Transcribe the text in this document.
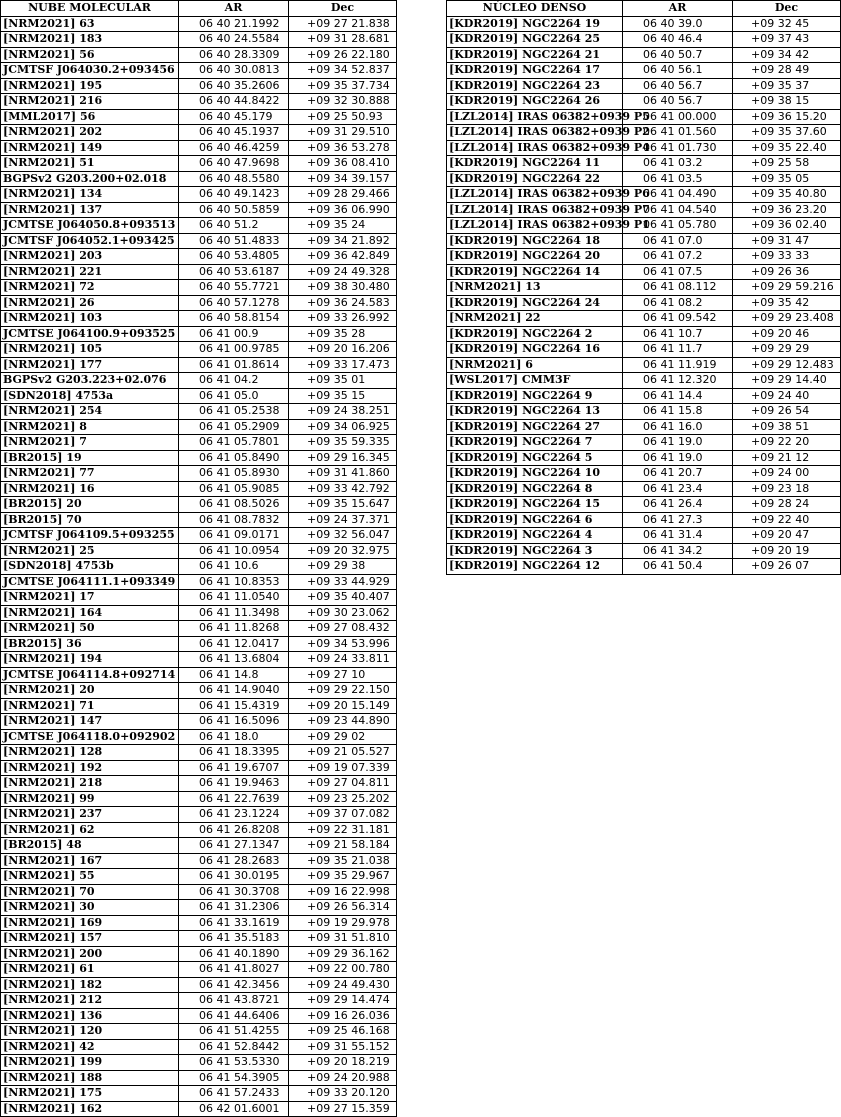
NUBE MOLECULAR	AR	Dec
[NRM2021] 63	06 40 21.1992	+09 27 21.838
[NRM2021] 183	06 40 24.5584	+09 31 28.681
[NRM2021] 56	06 40 28.3309	+09 26 22.180
JCMTSF J064030.2+093456	06 40 30.0813	+09 34 52.837
[NRM2021] 195	06 40 35.2606	+09 35 37.734
[NRM2021] 216	06 40 44.8422	+09 32 30.888
[MML2017] 56	06 40 45.179	+09 25 50.93
[NRM2021] 202	06 40 45.1937	+09 31 29.510
[NRM2021] 149	06 40 46.4259	+09 36 53.278
[NRM2021] 51	06 40 47.9698	+09 36 08.410
BGPSv2 G203.200+02.018	06 40 48.5580	+09 34 39.157
[NRM2021] 134	06 40 49.1423	+09 28 29.466
[NRM2021] 137	06 40 50.5859	+09 36 06.990
JCMTSE J064050.8+093513	06 40 51.2	+09 35 24
JCMTSF J064052.1+093425	06 40 51.4833	+09 34 21.892
[NRM2021] 203	06 40 53.4805	+09 36 42.849
[NRM2021] 221	06 40 53.6187	+09 24 49.328
[NRM2021] 72	06 40 55.7721	+09 38 30.480
[NRM2021] 26	06 40 57.1278	+09 36 24.583
[NRM2021] 103	06 40 58.8154	+09 33 26.992
JCMTSE J064100.9+093525	06 41 00.9	+09 35 28
[NRM2021] 105	06 41 00.9785	+09 20 16.206
[NRM2021] 177	06 41 01.8614	+09 33 17.473
BGPSv2 G203.223+02.076	06 41 04.2	+09 35 01
[SDN2018] 4753a	06 41 05.0	+09 35 15
[NRM2021] 254	06 41 05.2538	+09 24 38.251
[NRM2021] 8	06 41 05.2909	+09 34 06.925
[NRM2021] 7	06 41 05.7801	+09 35 59.335
[BR2015] 19	06 41 05.8490	+09 29 16.345
[NRM2021] 77	06 41 05.8930	+09 31 41.860
[NRM2021] 16	06 41 05.9085	+09 33 42.792
[BR2015] 20	06 41 08.5026	+09 35 15.647
[BR2015] 70	06 41 08.7832	+09 24 37.371
JCMTSF J064109.5+093255	06 41 09.0171	+09 32 56.047
[NRM2021] 25	06 41 10.0954	+09 20 32.975
[SDN2018] 4753b	06 41 10.6	+09 29 38
JCMTSE J064111.1+093349	06 41 10.8353	+09 33 44.929
[NRM2021] 17	06 41 11.0540	+09 35 40.407
[NRM2021] 164	06 41 11.3498	+09 30 23.062
[NRM2021] 50	06 41 11.8268	+09 27 08.432
[BR2015] 36	06 41 12.0417	+09 34 53.996
[NRM2021] 194	06 41 13.6804	+09 24 33.811
JCMTSE J064114.8+092714	06 41 14.8	+09 27 10
[NRM2021] 20	06 41 14.9040	+09 29 22.150
[NRM2021] 71	06 41 15.4319	+09 20 15.149
[NRM2021] 147	06 41 16.5096	+09 23 44.890
JCMTSE J064118.0+092902	06 41 18.0	+09 29 02
[NRM2021] 128	06 41 18.3395	+09 21 05.527
[NRM2021] 192	06 41 19.6707	+09 19 07.339
[NRM2021] 218	06 41 19.9463	+09 27 04.811
[NRM2021] 99	06 41 22.7639	+09 23 25.202
[NRM2021] 237	06 41 23.1224	+09 37 07.082
[NRM2021] 62	06 41 26.8208	+09 22 31.181
[BR2015] 48	06 41 27.1347	+09 21 58.184
[NRM2021] 167	06 41 28.2683	+09 35 21.038
[NRM2021] 55	06 41 30.0195	+09 35 29.967
[NRM2021] 70	06 41 30.3708	+09 16 22.998
[NRM2021] 30	06 41 31.2306	+09 26 56.314
[NRM2021] 169	06 41 33.1619	+09 19 29.978
[NRM2021] 157	06 41 35.5183	+09 31 51.810
[NRM2021] 200	06 41 40.1890	+09 29 36.162
[NRM2021] 61	06 41 41.8027	+09 22 00.780
[NRM2021] 182	06 41 42.3456	+09 24 49.430
[NRM2021] 212	06 41 43.8721	+09 29 14.474
[NRM2021] 136	06 41 44.6406	+09 16 26.036
[NRM2021] 120	06 41 51.4255	+09 25 46.168
[NRM2021] 42	06 41 52.8442	+09 31 55.152
[NRM2021] 199	06 41 53.5330	+09 20 18.219
[NRM2021] 188	06 41 54.3905	+09 24 20.988
[NRM2021] 175	06 41 57.2433	+09 33 20.120
[NRM2021] 162	06 42 01.6001	+09 27 15.359
NÚCLEO DENSO	AR	Dec
[KDR2019] NGC2264 19	06 40 39.0	+09 32 45
[KDR2019] NGC2264 25	06 40 46.4	+09 37 43
[KDR2019] NGC2264 21	06 40 50.7	+09 34 42
[KDR2019] NGC2264 17	06 40 56.1	+09 28 49
[KDR2019] NGC2264 23	06 40 56.7	+09 35 37
[KDR2019] NGC2264 26	06 40 56.7	+09 38 15
[LZL2014] IRAS 06382+0939 P5	06 41 00.000	+09 36 15.20
[LZL2014] IRAS 06382+0939 P2	06 41 01.560	+09 35 37.60
[LZL2014] IRAS 06382+0939 P4	06 41 01.730	+09 35 22.40
[KDR2019] NGC2264 11	06 41 03.2	+09 25 58
[KDR2019] NGC2264 22	06 41 03.5	+09 35 05
[LZL2014] IRAS 06382+0939 P6	06 41 04.490	+09 35 40.80
[LZL2014] IRAS 06382+0939 P7	06 41 04.540	+09 36 23.20
[LZL2014] IRAS 06382+0939 P1	06 41 05.780	+09 36 02.40
[KDR2019] NGC2264 18	06 41 07.0	+09 31 47
[KDR2019] NGC2264 20	06 41 07.2	+09 33 33
[KDR2019] NGC2264 14	06 41 07.5	+09 26 36
[NRM2021] 13	06 41 08.112	+09 29 59.216
[KDR2019] NGC2264 24	06 41 08.2	+09 35 42
[NRM2021] 22	06 41 09.542	+09 29 23.408
[KDR2019] NGC2264 2	06 41 10.7	+09 20 46
[KDR2019] NGC2264 16	06 41 11.7	+09 29 29
[NRM2021] 6	06 41 11.919	+09 29 12.483
[WSL2017] CMM3F	06 41 12.320	+09 29 14.40
[KDR2019] NGC2264 9	06 41 14.4	+09 24 40
[KDR2019] NGC2264 13	06 41 15.8	+09 26 54
[KDR2019] NGC2264 27	06 41 16.0	+09 38 51
[KDR2019] NGC2264 7	06 41 19.0	+09 22 20
[KDR2019] NGC2264 5	06 41 19.0	+09 21 12
[KDR2019] NGC2264 10	06 41 20.7	+09 24 00
[KDR2019] NGC2264 8	06 41 23.4	+09 23 18
[KDR2019] NGC2264 15	06 41 26.4	+09 28 24
[KDR2019] NGC2264 6	06 41 27.3	+09 22 40
[KDR2019] NGC2264 4	06 41 31.4	+09 20 47
[KDR2019] NGC2264 3	06 41 34.2	+09 20 19
[KDR2019] NGC2264 12	06 41 50.4	+09 26 07
